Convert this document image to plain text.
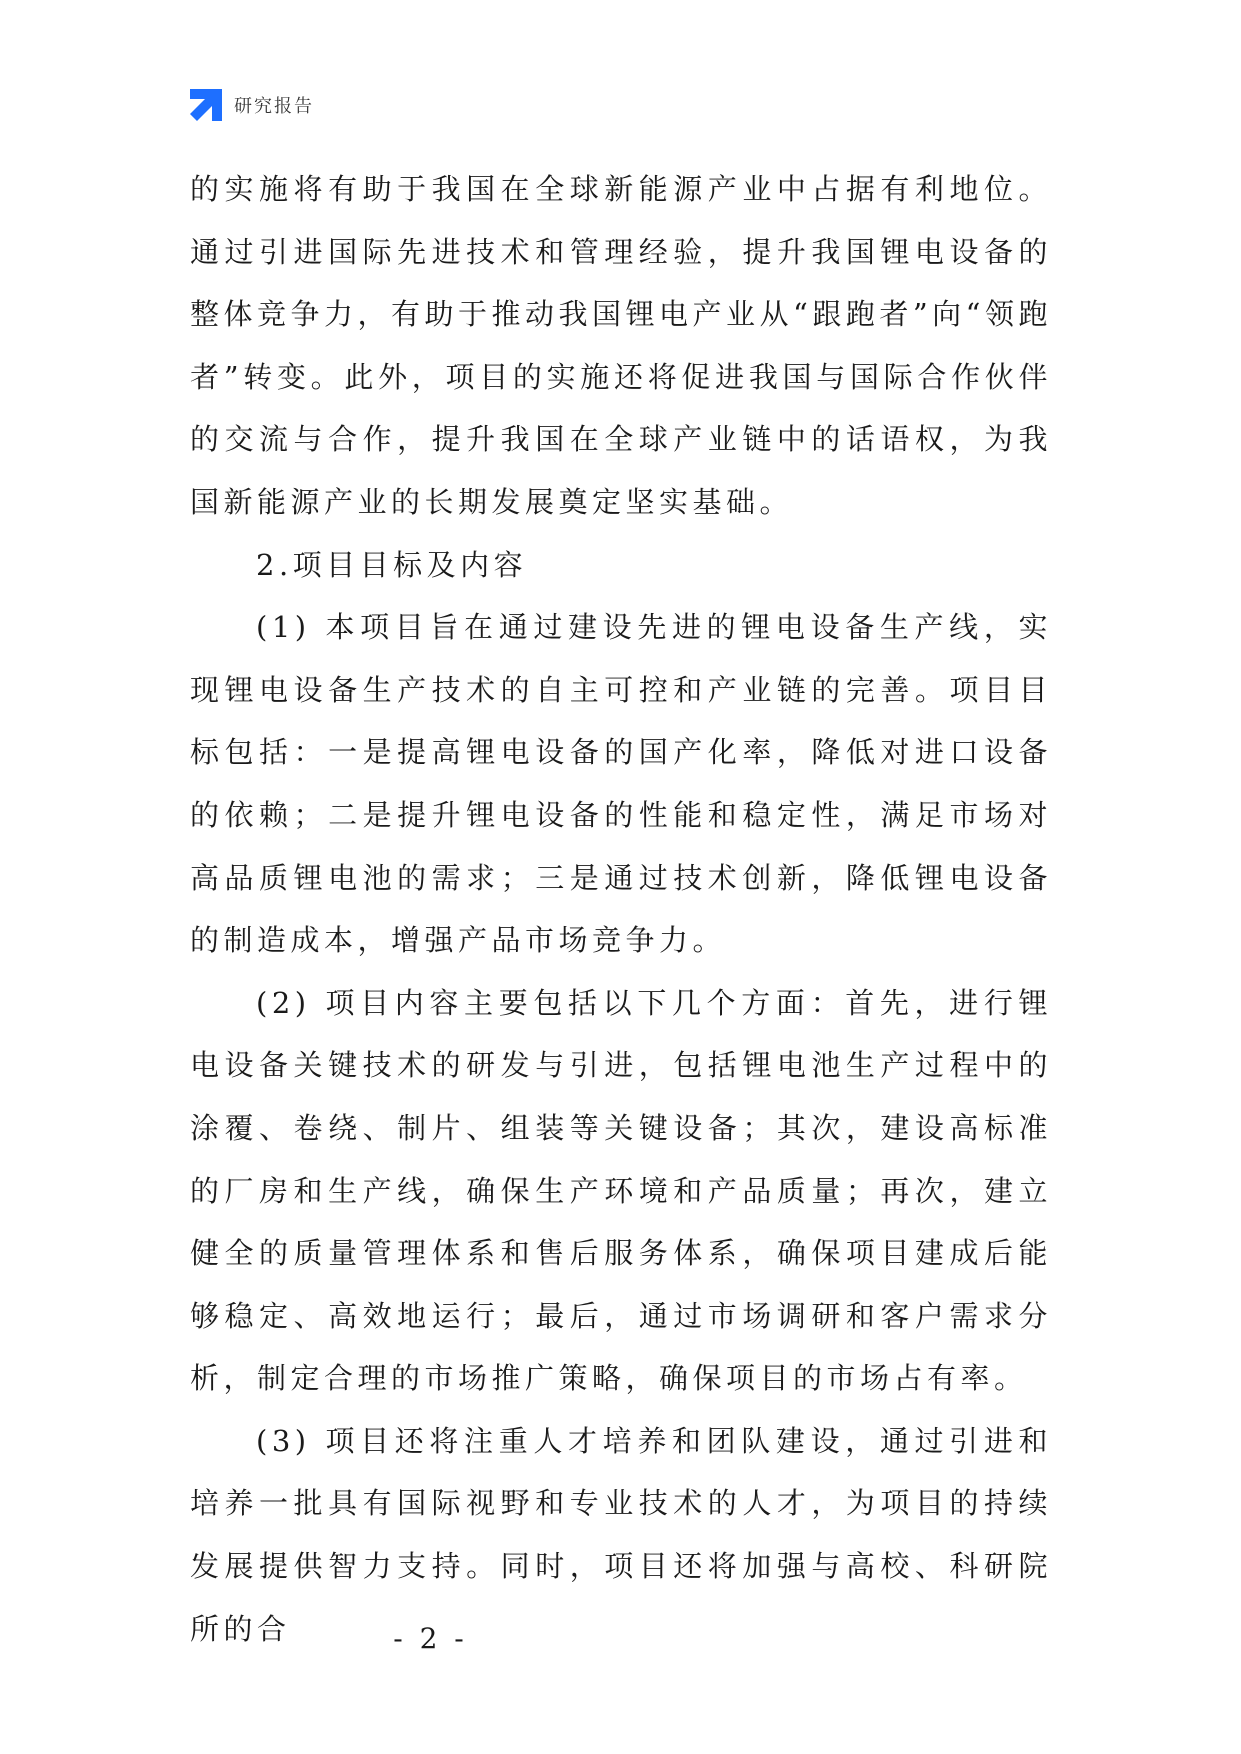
研究报告

的实施将有助于我国在全球新能源产业中占据有利地位。通过引进国际先进技术和管理经验，提升我国锂电设备的整体竞争力，有助于推动我国锂电产业从“跟跑者”向“领跑者”转变。此外，项目的实施还将促进我国与国际合作伙伴的交流与合作，提升我国在全球产业链中的话语权，为我国新能源产业的长期发展奠定坚实基础。

2.项目目标及内容

(1) 本项目旨在通过建设先进的锂电设备生产线，实现锂电设备生产技术的自主可控和产业链的完善。项目目标包括：一是提高锂电设备的国产化率，降低对进口设备的依赖；二是提升锂电设备的性能和稳定性，满足市场对高品质锂电池的需求；三是通过技术创新，降低锂电设备的制造成本，增强产品市场竞争力。

(2) 项目内容主要包括以下几个方面：首先，进行锂电设备关键技术的研发与引进，包括锂电池生产过程中的涂覆、卷绕、制片、组装等关键设备；其次，建设高标准的厂房和生产线，确保生产环境和产品质量；再次，建立健全的质量管理体系和售后服务体系，确保项目建成后能够稳定、高效地运行；最后，通过市场调研和客户需求分析，制定合理的市场推广策略，确保项目的市场占有率。

(3) 项目还将注重人才培养和团队建设，通过引进和培养一批具有国际视野和专业技术的人才，为项目的持续发展提供智力支持。同时，项目还将加强与高校、科研院所的合	- 2 -
